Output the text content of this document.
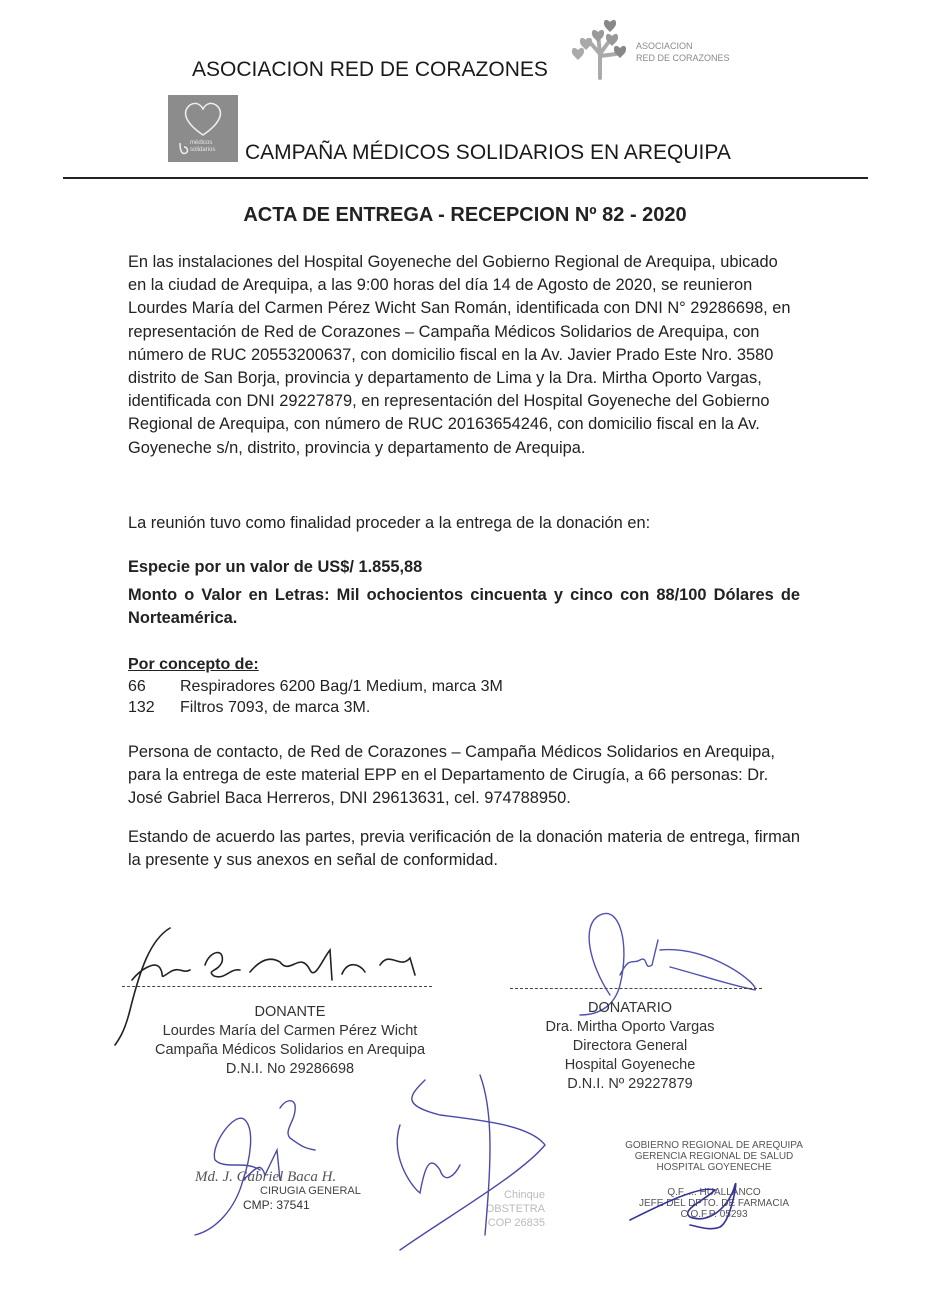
ASOCIACION RED DE CORAZONES
ASOCIACION
RED DE CORAZONES
médicos
solidarios CAMPAÑA MÉDICOS SOLIDARIOS EN AREQUIPA
ACTA DE ENTREGA - RECEPCION Nº 82 - 2020
En las instalaciones del Hospital Goyeneche del Gobierno Regional de Arequipa, ubicado en la ciudad de Arequipa, a las 9:00 horas del día 14 de Agosto de 2020, se reunieron Lourdes María del Carmen Pérez Wicht San Román, identificada con DNI N° 29286698, en representación de Red de Corazones – Campaña Médicos Solidarios de Arequipa, con número de RUC 20553200637, con domicilio fiscal en la Av. Javier Prado Este Nro. 3580 distrito de San Borja, provincia y departamento de Lima y la Dra. Mirtha Oporto Vargas, identificada con DNI 29227879, en representación del Hospital Goyeneche del Gobierno Regional de Arequipa, con número de RUC 20163654246, con domicilio fiscal en la Av. Goyeneche s/n, distrito, provincia y departamento de Arequipa.
La reunión tuvo como finalidad proceder a la entrega de la donación en:
Especie por un valor de US$/ 1.855,88
Monto o Valor en Letras: Mil ochocientos cincuenta y cinco con 88/100 Dólares de Norteamérica.
Por concepto de:
66 Respiradores 6200 Bag/1 Medium, marca 3M
132 Filtros 7093, de marca 3M.
Persona de contacto, de Red de Corazones – Campaña Médicos Solidarios en Arequipa, para la entrega de este material EPP en el Departamento de Cirugía, a 66 personas: Dr. José Gabriel Baca Herreros, DNI 29613631, cel. 974788950.
Estando de acuerdo las partes, previa verificación de la donación materia de entrega, firman la presente y sus anexos en señal de conformidad.
DONANTE
Lourdes María del Carmen Pérez Wicht
Campaña Médicos Solidarios en Arequipa
D.N.I. No 29286698
DONATARIO
Dra. Mirtha Oporto Vargas
Directora General
Hospital Goyeneche
D.N.I. Nº 29227879
Md. J. Gabriel Baca H.
CIRUGIA GENERAL
CMP: 37541
Chinque
OBSTETRA
COP 26835
GOBIERNO REGIONAL DE AREQUIPA
GERENCIA REGIONAL DE SALUD
HOSPITAL GOYENECHE
Q.F. ... HUALLANCO
JEFE DEL DPTO. DE FARMACIA
C.Q.F.P. 05293
